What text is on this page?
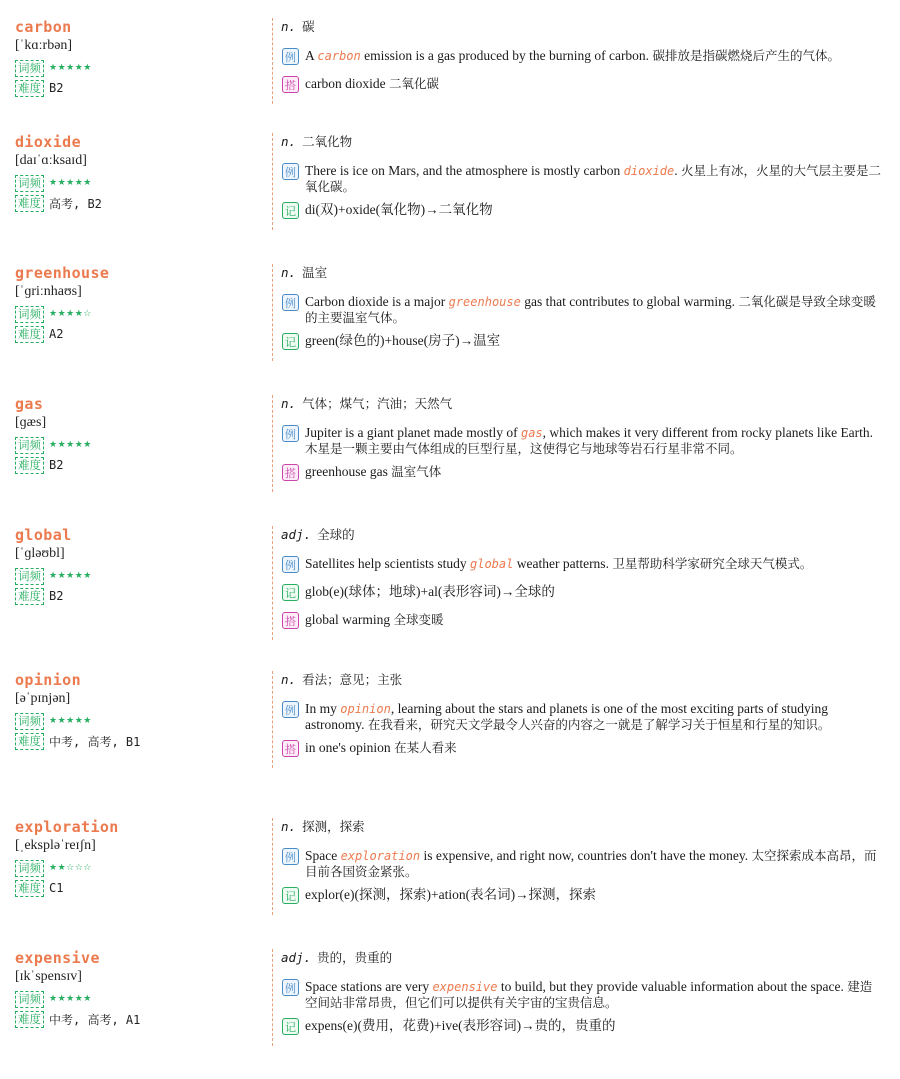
carbon
[ˈkɑːrbən]
词频 ★★★★★
难度 B2
n. 碳
例 A carbon emission is a gas produced by the burning of carbon. 碳排放是指碳燃烧后产生的气体。
搭 carbon dioxide 二氧化碳
dioxide
[daɪˈɑːksaɪd]
词频 ★★★★★
难度 高考, B2
n. 二氧化物
例 There is ice on Mars, and the atmosphere is mostly carbon dioxide. 火星上有冰，火星的大气层主要是二氧化碳。
记 di(双)+oxide(氧化物)→二氧化物
greenhouse
[ˈɡriːnhaʊs]
词频 ★★★★☆
难度 A2
n. 温室
例 Carbon dioxide is a major greenhouse gas that contributes to global warming. 二氧化碳是导致全球变暖的主要温室气体。
记 green(绿色的)+house(房子)→温室
gas
[ɡæs]
词频 ★★★★★
难度 B2
n. 气体；煤气；汽油；天然气
例 Jupiter is a giant planet made mostly of gas, which makes it very different from rocky planets like Earth. 木星是一颗主要由气体组成的巨型行星，这使得它与地球等岩石行星非常不同。
搭 greenhouse gas 温室气体
global
[ˈɡləʊbl]
词频 ★★★★★
难度 B2
adj. 全球的
例 Satellites help scientists study global weather patterns. 卫星帮助科学家研究全球天气模式。
记 glob(e)(球体；地球)+al(表形容词)→全球的
搭 global warming 全球变暖
opinion
[əˈpɪnjən]
词频 ★★★★★
难度 中考, 高考, B1
n. 看法；意见；主张
例 In my opinion, learning about the stars and planets is one of the most exciting parts of studying astronomy. 在我看来，研究天文学最令人兴奋的内容之一就是了解学习关于恒星和行星的知识。
搭 in one's opinion 在某人看来
exploration
[ˌekspləˈreɪʃn]
词频 ★★☆☆☆
难度 C1
n. 探测，探索
例 Space exploration is expensive, and right now, countries don't have the money. 太空探索成本高昂，而目前各国资金紧张。
记 explor(e)(探测，探索)+ation(表名词)→探测，探索
expensive
[ɪkˈspensɪv]
词频 ★★★★★
难度 中考, 高考, A1
adj. 贵的，贵重的
例 Space stations are very expensive to build, but they provide valuable information about the space. 建造空间站非常昂贵，但它们可以提供有关宇宙的宝贵信息。
记 expens(e)(费用，花费)+ive(表形容词)→贵的，贵重的
